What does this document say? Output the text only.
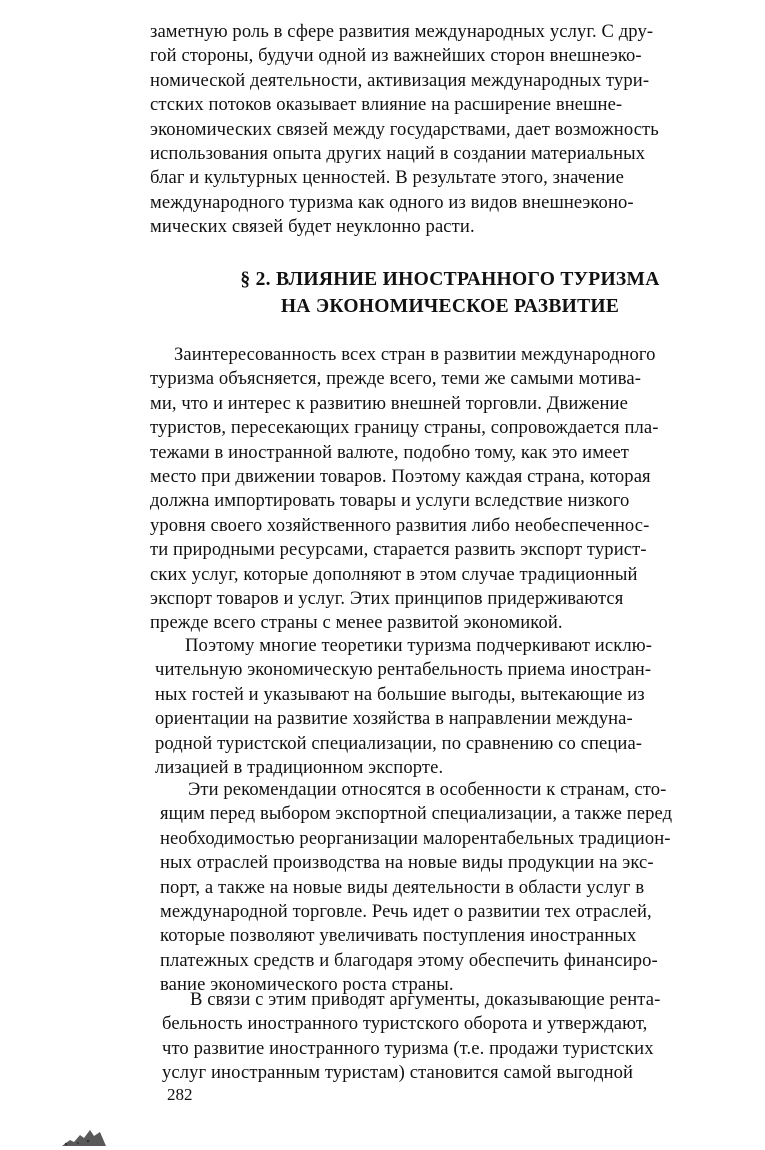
заметную роль в сфере развития международных услуг. С дру-
гой стороны, будучи одной из важнейших сторон внешнеэко-
номической деятельности, активизация международных тури-
стских потоков оказывает влияние на расширение внешне-
экономических связей между государствами, дает возможность
использования опыта других наций в создании материальных
благ и культурных ценностей. В результате этого, значение
международного туризма как одного из видов внешнеэконо-
мических связей будет неуклонно расти.
§ 2. ВЛИЯНИЕ ИНОСТРАННОГО ТУРИЗМА
НА ЭКОНОМИЧЕСКОЕ РАЗВИТИЕ
Заинтересованность всех стран в развитии международного
туризма объясняется, прежде всего, теми же самыми мотива-
ми, что и интерес к развитию внешней торговли. Движение
туристов, пересекающих границу страны, сопровождается пла-
тежами в иностранной валюте, подобно тому, как это имеет
место при движении товаров. Поэтому каждая страна, которая
должна импортировать товары и услуги вследствие низкого
уровня своего хозяйственного развития либо необеспеченнос-
ти природными ресурсами, старается развить экспорт турист-
ских услуг, которые дополняют в этом случае традиционный
экспорт товаров и услуг. Этих принципов придерживаются
прежде всего страны с менее развитой экономикой.
Поэтому многие теоретики туризма подчеркивают исклю-
чительную экономическую рентабельность приема иностран-
ных гостей и указывают на большие выгоды, вытекающие из
ориентации на развитие хозяйства в направлении междуна-
родной туристской специализации, по сравнению со специа-
лизацией в традиционном экспорте.
Эти рекомендации относятся в особенности к странам, сто-
ящим перед выбором экспортной специализации, а также перед
необходимостью реорганизации малорентабельных традицион-
ных отраслей производства на новые виды продукции на экс-
порт, а также на новые виды деятельности в области услуг в
международной торговле. Речь идет о развитии тех отраслей,
которые позволяют увеличивать поступления иностранных
платежных средств и благодаря этому обеспечить финансиро-
вание экономического роста страны.
В связи с этим приводят аргументы, доказывающие рента-
бельность иностранного туристского оборота и утверждают,
что развитие иностранного туризма (т.е. продажи туристских
услуг иностранным туристам) становится самой выгодной
282
